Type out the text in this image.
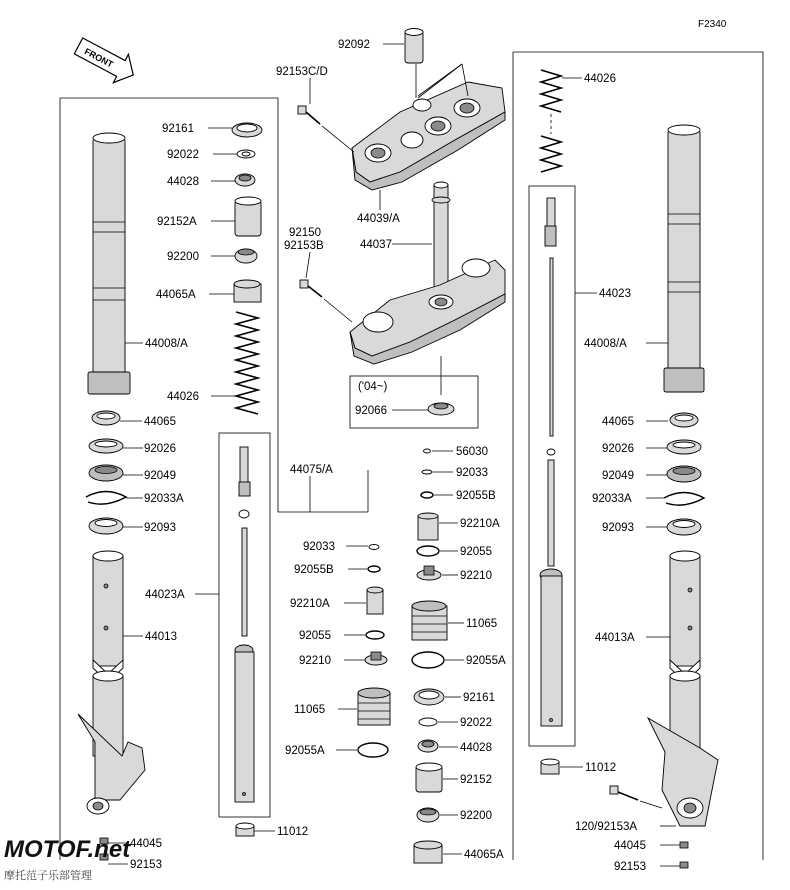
F2340
FRONT
92092
92153C/D
44039/A
92150
92153B	44037
('04~)
92066
44075/A
92161
92022
44028
92152A
92200
44065A
44008/A
44026
44065
92026
92049
92033A
92093
44023A
44013
11012
44045
92153
92033
92055B
92210A
92055
92210
11065
92055A
56030
92033
92055B
92210A
92055
92210
11065
92055A
92161
92022
44028
92152
92200
44065A
44026
44023
44008/A
44065
92026
92049
92033A
92093
44013A
11012
120/92153A
44045
92153
MOTOF.net
摩托范子乐部管理
